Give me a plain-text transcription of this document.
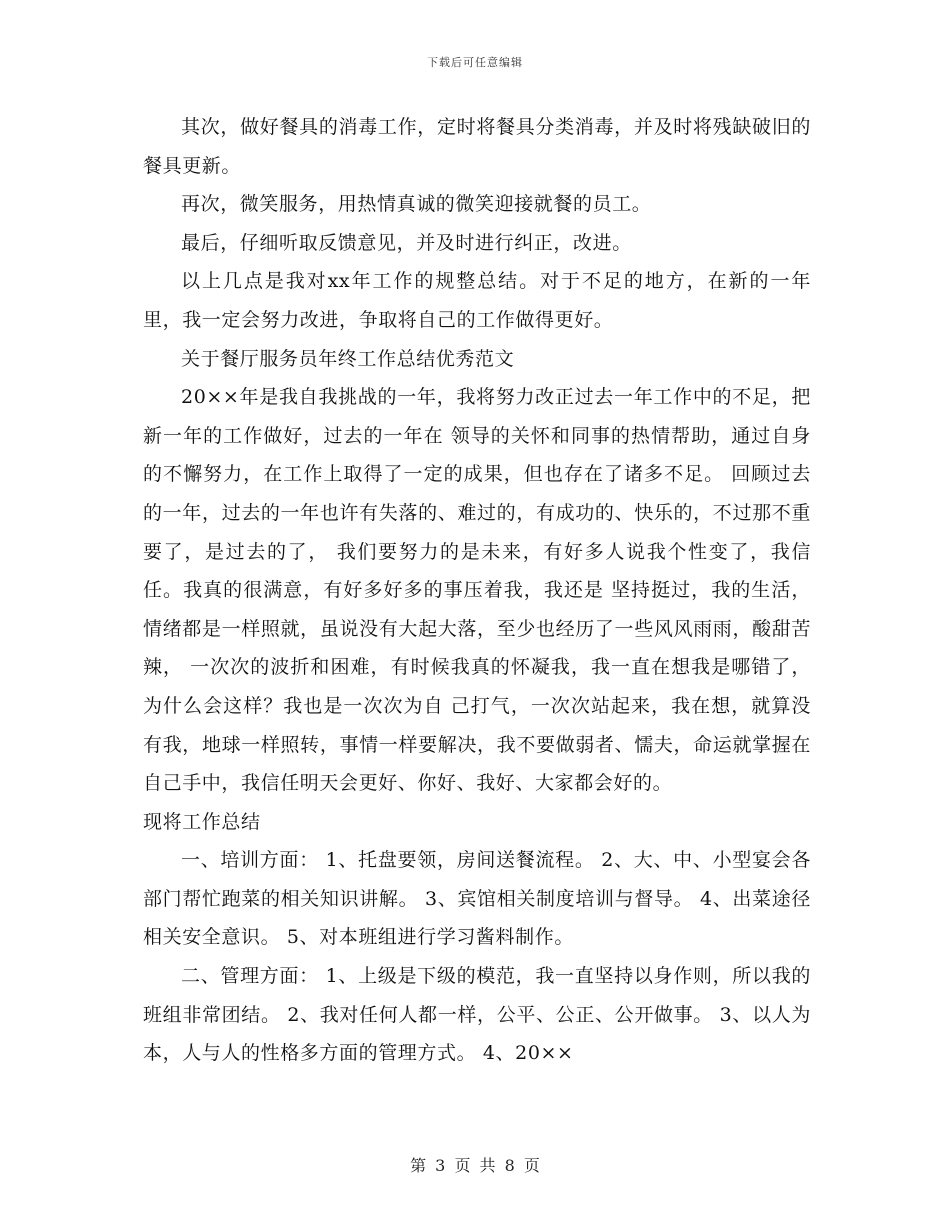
下载后可任意编辑

其次，做好餐具的消毒工作，定时将餐具分类消毒，并及时将残缺破旧的餐具更新。

再次，微笑服务，用热情真诚的微笑迎接就餐的员工。

最后，仔细听取反馈意见，并及时进行纠正，改进。

以上几点是我对xx年工作的规整总结。对于不足的地方，在新的一年里，我一定会努力改进，争取将自己的工作做得更好。

关于餐厅服务员年终工作总结优秀范文

20××年是我自我挑战的一年，我将努力改正过去一年工作中的不足，把新一年的工作做好，过去的一年在 领导的关怀和同事的热情帮助，通过自身的不懈努力，在工作上取得了一定的成果，但也存在了诸多不足。 回顾过去的一年，过去的一年也许有失落的、难过的，有成功的、快乐的，不过那不重要了，是过去的了， 我们要努力的是未来，有好多人说我个性变了，我信任。我真的很满意，有好多好多的事压着我，我还是 坚持挺过，我的生活，情绪都是一样照就，虽说没有大起大落，至少也经历了一些风风雨雨，酸甜苦辣， 一次次的波折和困难，有时候我真的怀凝我，我一直在想我是哪错了，为什么会这样？我也是一次次为自 己打气，一次次站起来，我在想，就算没有我，地球一样照转，事情一样要解决，我不要做弱者、懦夫，命运就掌握在自己手中，我信任明天会更好、你好、我好、大家都会好的。

现将工作总结

一、培训方面： 1、托盘要领，房间送餐流程。 2、大、中、小型宴会各部门帮忙跑菜的相关知识讲解。 3、宾馆相关制度培训与督导。 4、出菜途径相关安全意识。 5、对本班组进行学习酱料制作。

二、管理方面： 1、上级是下级的模范，我一直坚持以身作则，所以我的班组非常团结。 2、我对任何人都一样，公平、公正、公开做事。 3、以人为本，人与人的性格多方面的管理方式。 4、20××

第 3 页 共 8 页
